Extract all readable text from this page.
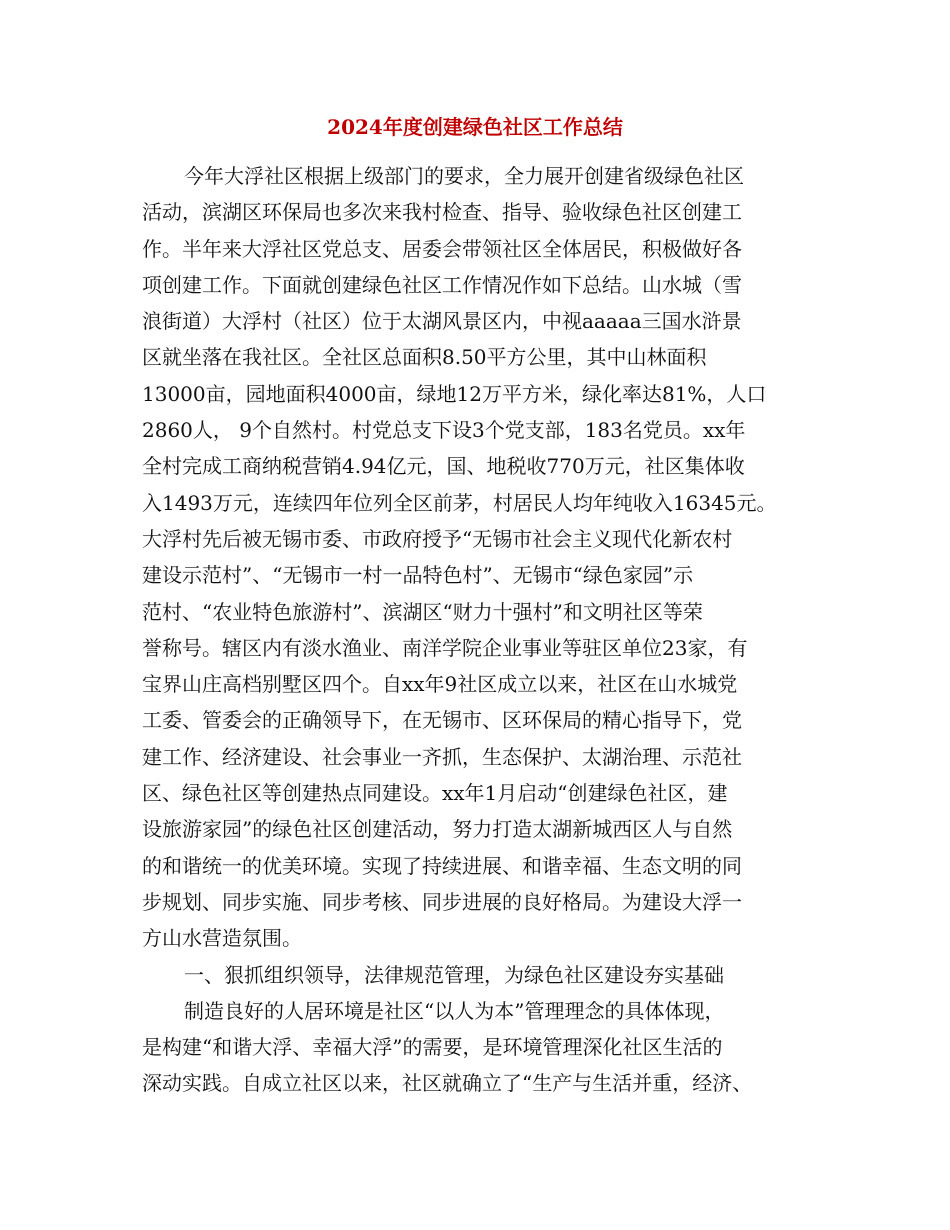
2024年度创建绿色社区工作总结
今年大浮社区根据上级部门的要求，全力展开创建省级绿色社区
活动，滨湖区环保局也多次来我村检查、指导、验收绿色社区创建工
作。半年来大浮社区党总支、居委会带领社区全体居民，积极做好各
项创建工作。下面就创建绿色社区工作情况作如下总结。山水城（雪
浪街道）大浮村（社区）位于太湖风景区内，中视aaaaa三国水浒景
区就坐落在我社区。全社区总面积8.50平方公里，其中山林面积
13000亩，园地面积4000亩，绿地12万平方米，绿化率达81%，人口
2860人， 9个自然村。村党总支下设3个党支部，183名党员。xx年
全村完成工商纳税营销4.94亿元，国、地税收770万元，社区集体收
入1493万元，连续四年位列全区前茅，村居民人均年纯收入16345元。
大浮村先后被无锡市委、市政府授予“无锡市社会主义现代化新农村
建设示范村”、“无锡市一村一品特色村”、无锡市“绿色家园”示
范村、“农业特色旅游村”、滨湖区“财力十强村”和文明社区等荣
誉称号。辖区内有淡水渔业、南洋学院企业事业等驻区单位23家，有
宝界山庄高档别墅区四个。自xx年9社区成立以来，社区在山水城党
工委、管委会的正确领导下，在无锡市、区环保局的精心指导下，党
建工作、经济建设、社会事业一齐抓，生态保护、太湖治理、示范社
区、绿色社区等创建热点同建设。xx年1月启动“创建绿色社区，建
设旅游家园”的绿色社区创建活动，努力打造太湖新城西区人与自然
的和谐统一的优美环境。实现了持续进展、和谐幸福、生态文明的同
步规划、同步实施、同步考核、同步进展的良好格局。为建设大浮一
方山水营造氛围。
一、狠抓组织领导，法律规范管理，为绿色社区建设夯实基础
制造良好的人居环境是社区“以人为本”管理理念的具体体现，
是构建“和谐大浮、幸福大浮”的需要，是环境管理深化社区生活的
深动实践。自成立社区以来，社区就确立了“生产与生活并重，经济、
